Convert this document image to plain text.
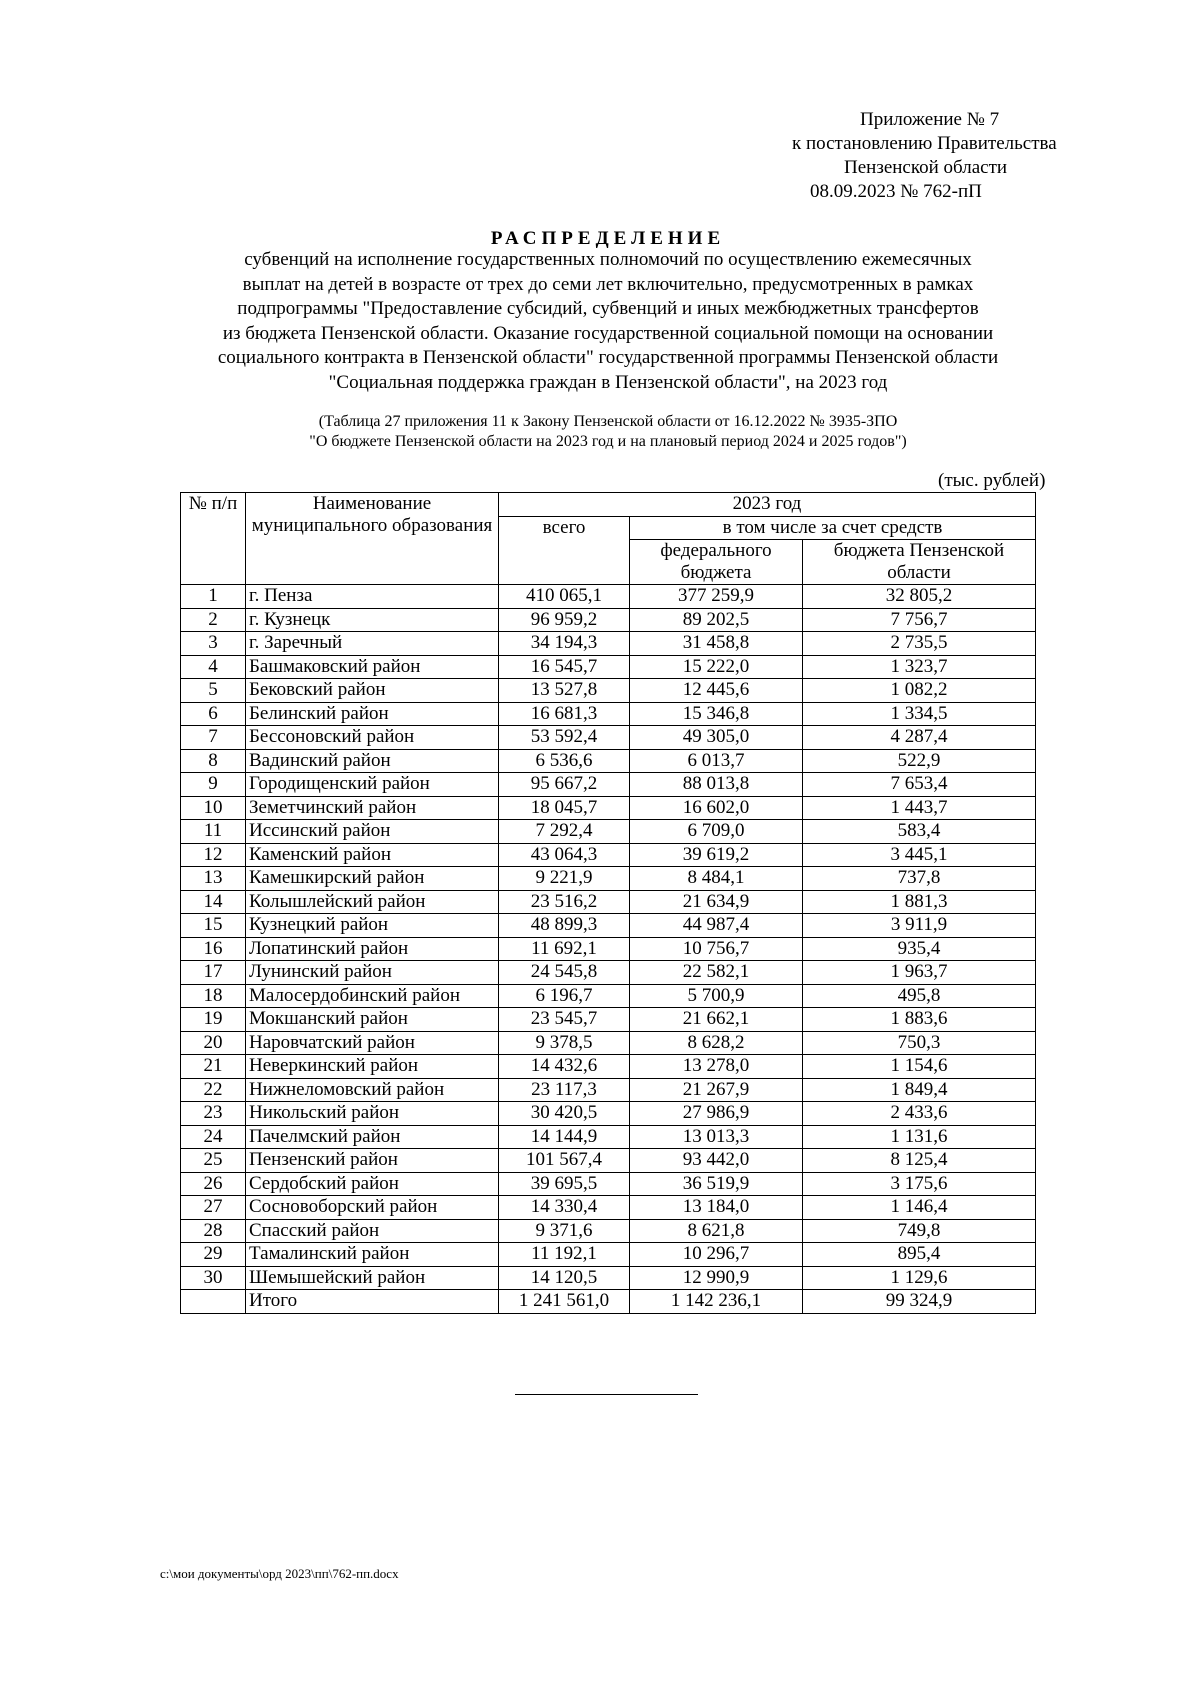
Приложение № 7
к постановлению Правительства
Пензенской области
08.09.2023 № 762-пП
РАСПРЕДЕЛЕНИЕ
субвенций на исполнение государственных полномочий по осуществлению ежемесячных
выплат на детей в возрасте от трех до семи лет включительно, предусмотренных в рамках
подпрограммы "Предоставление субсидий, субвенций и иных межбюджетных трансфертов
из бюджета Пензенской области. Оказание государственной социальной помощи на основании
социального контракта в Пензенской области" государственной программы Пензенской области
"Социальная поддержка граждан в Пензенской области", на 2023 год
(Таблица 27 приложения 11 к Закону Пензенской области от 16.12.2022 № 3935-ЗПО
"О бюджете Пензенской области на 2023 год и на плановый период 2024 и 2025 годов")
(тыс. рублей)
№ п/п	Наименование муниципального образования	2023 год		
		всего	в том числе за счет средств	
			федерального бюджета	бюджета Пензенской области
1	г. Пенза	410 065,1	377 259,9	32 805,2
2	г. Кузнецк	96 959,2	89 202,5	7 756,7
3	г. Заречный	34 194,3	31 458,8	2 735,5
4	Башмаковский район	16 545,7	15 222,0	1 323,7
5	Бековский район	13 527,8	12 445,6	1 082,2
6	Белинский район	16 681,3	15 346,8	1 334,5
7	Бессоновский район	53 592,4	49 305,0	4 287,4
8	Вадинский район	6 536,6	6 013,7	522,9
9	Городищенский район	95 667,2	88 013,8	7 653,4
10	Земетчинский район	18 045,7	16 602,0	1 443,7
11	Иссинский район	7 292,4	6 709,0	583,4
12	Каменский район	43 064,3	39 619,2	3 445,1
13	Камешкирский район	9 221,9	8 484,1	737,8
14	Колышлейский район	23 516,2	21 634,9	1 881,3
15	Кузнецкий район	48 899,3	44 987,4	3 911,9
16	Лопатинский район	11 692,1	10 756,7	935,4
17	Лунинский район	24 545,8	22 582,1	1 963,7
18	Малосердобинский район	6 196,7	5 700,9	495,8
19	Мокшанский район	23 545,7	21 662,1	1 883,6
20	Наровчатский район	9 378,5	8 628,2	750,3
21	Неверкинский район	14 432,6	13 278,0	1 154,6
22	Нижнеломовский район	23 117,3	21 267,9	1 849,4
23	Никольский район	30 420,5	27 986,9	2 433,6
24	Пачелмский район	14 144,9	13 013,3	1 131,6
25	Пензенский район	101 567,4	93 442,0	8 125,4
26	Сердобский район	39 695,5	36 519,9	3 175,6
27	Сосновоборский район	14 330,4	13 184,0	1 146,4
28	Спасский район	9 371,6	8 621,8	749,8
29	Тамалинский район	11 192,1	10 296,7	895,4
30	Шемышейский район	14 120,5	12 990,9	1 129,6
	Итого	1 241 561,0	1 142 236,1	99 324,9
c:\мои документы\орд 2023\пп\762-пп.docx
